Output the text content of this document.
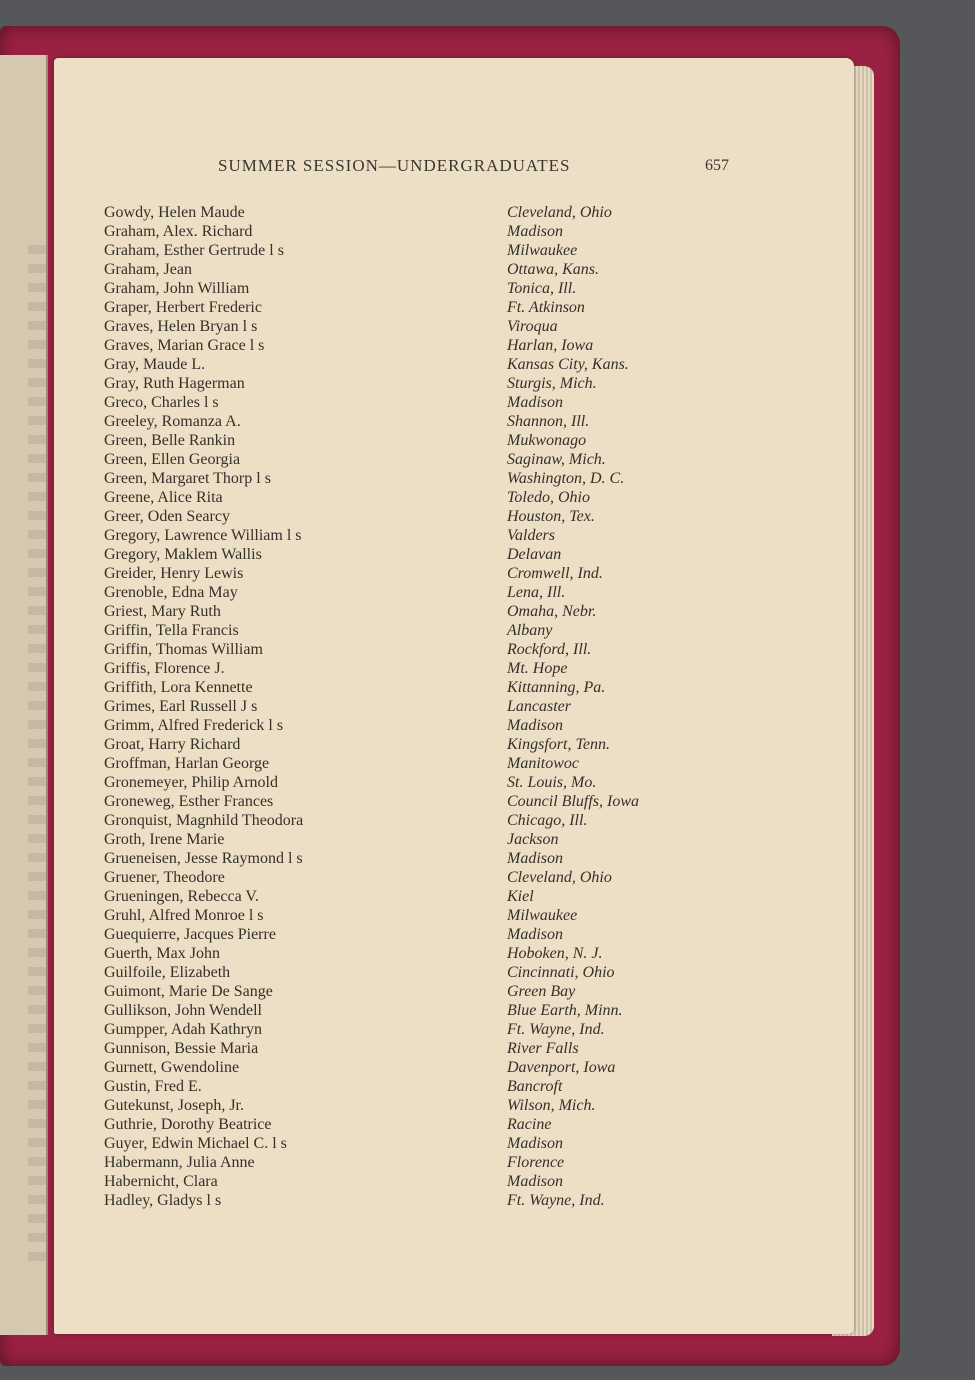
SUMMER SESSION—UNDERGRADUATES	657
Gowdy, Helen Maude	Cleveland, Ohio
Graham, Alex. Richard	Madison
Graham, Esther Gertrude l s	Milwaukee
Graham, Jean	Ottawa, Kans.
Graham, John William	Tonica, Ill.
Graper, Herbert Frederic	Ft. Atkinson
Graves, Helen Bryan l s	Viroqua
Graves, Marian Grace l s	Harlan, Iowa
Gray, Maude L.	Kansas City, Kans.
Gray, Ruth Hagerman	Sturgis, Mich.
Greco, Charles l s	Madison
Greeley, Romanza A.	Shannon, Ill.
Green, Belle Rankin	Mukwonago
Green, Ellen Georgia	Saginaw, Mich.
Green, Margaret Thorp l s	Washington, D. C.
Greene, Alice Rita	Toledo, Ohio
Greer, Oden Searcy	Houston, Tex.
Gregory, Lawrence William l s	Valders
Gregory, Maklem Wallis	Delavan
Greider, Henry Lewis	Cromwell, Ind.
Grenoble, Edna May	Lena, Ill.
Griest, Mary Ruth	Omaha, Nebr.
Griffin, Tella Francis	Albany
Griffin, Thomas William	Rockford, Ill.
Griffis, Florence J.	Mt. Hope
Griffith, Lora Kennette	Kittanning, Pa.
Grimes, Earl Russell J s	Lancaster
Grimm, Alfred Frederick l s	Madison
Groat, Harry Richard	Kingsfort, Tenn.
Groffman, Harlan George	Manitowoc
Gronemeyer, Philip Arnold	St. Louis, Mo.
Groneweg, Esther Frances	Council Bluffs, Iowa
Gronquist, Magnhild Theodora	Chicago, Ill.
Groth, Irene Marie	Jackson
Grueneisen, Jesse Raymond l s	Madison
Gruener, Theodore	Cleveland, Ohio
Grueningen, Rebecca V.	Kiel
Gruhl, Alfred Monroe l s	Milwaukee
Guequierre, Jacques Pierre	Madison
Guerth, Max John	Hoboken, N. J.
Guilfoile, Elizabeth	Cincinnati, Ohio
Guimont, Marie De Sange	Green Bay
Gullikson, John Wendell	Blue Earth, Minn.
Gumpper, Adah Kathryn	Ft. Wayne, Ind.
Gunnison, Bessie Maria	River Falls
Gurnett, Gwendoline	Davenport, Iowa
Gustin, Fred E.	Bancroft
Gutekunst, Joseph, Jr.	Wilson, Mich.
Guthrie, Dorothy Beatrice	Racine
Guyer, Edwin Michael C. l s	Madison
Habermann, Julia Anne	Florence
Habernicht, Clara	Madison
Hadley, Gladys l s	Ft. Wayne, Ind.
